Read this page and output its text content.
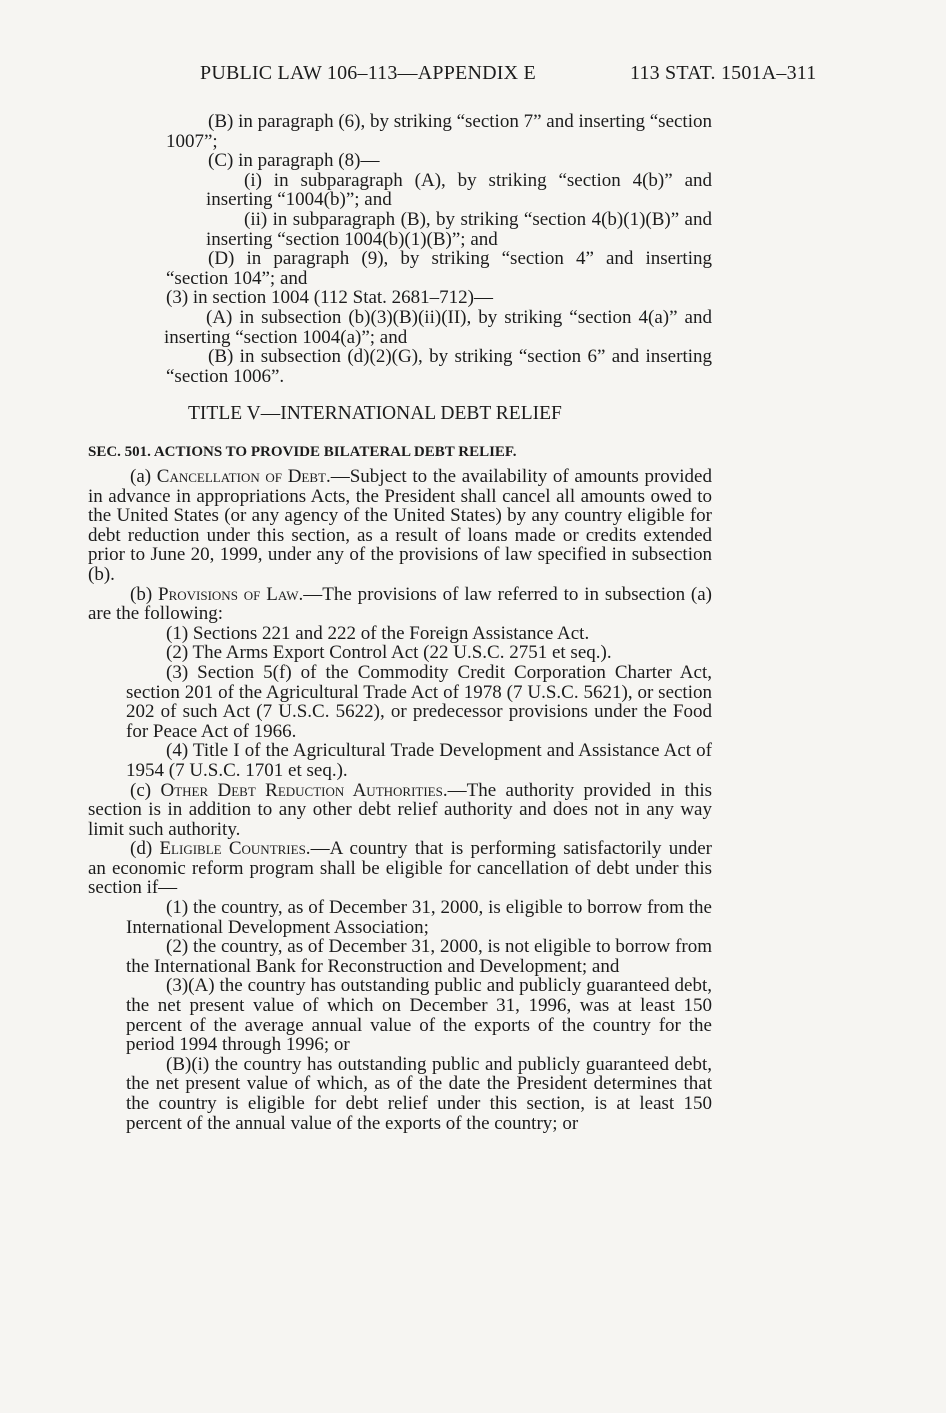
PUBLIC LAW 106–113—APPENDIX E	113 STAT. 1501A–311
(B) in paragraph (6), by striking “section 7” and inserting “section 1007”;
(C) in paragraph (8)—
(i) in subparagraph (A), by striking “section 4(b)” and inserting “1004(b)”; and
(ii) in subparagraph (B), by striking “section 4(b)(1)(B)” and inserting “section 1004(b)(1)(B)”; and
(D) in paragraph (9), by striking “section 4” and inserting “section 104”; and
(3) in section 1004 (112 Stat. 2681–712)—
(A) in subsection (b)(3)(B)(ii)(II), by striking “section 4(a)” and inserting “section 1004(a)”; and
(B) in subsection (d)(2)(G), by striking “section 6” and inserting “section 1006”.
TITLE V—INTERNATIONAL DEBT RELIEF
SEC. 501. ACTIONS TO PROVIDE BILATERAL DEBT RELIEF.
(a) Cancellation of Debt.—Subject to the availability of amounts provided in advance in appropriations Acts, the President shall cancel all amounts owed to the United States (or any agency of the United States) by any country eligible for debt reduction under this section, as a result of loans made or credits extended prior to June 20, 1999, under any of the provisions of law specified in subsection (b).
(b) Provisions of Law.—The provisions of law referred to in subsection (a) are the following:
(1) Sections 221 and 222 of the Foreign Assistance Act.
(2) The Arms Export Control Act (22 U.S.C. 2751 et seq.).
(3) Section 5(f) of the Commodity Credit Corporation Charter Act, section 201 of the Agricultural Trade Act of 1978 (7 U.S.C. 5621), or section 202 of such Act (7 U.S.C. 5622), or predecessor provisions under the Food for Peace Act of 1966.
(4) Title I of the Agricultural Trade Development and Assistance Act of 1954 (7 U.S.C. 1701 et seq.).
(c) Other Debt Reduction Authorities.—The authority provided in this section is in addition to any other debt relief authority and does not in any way limit such authority.
(d) Eligible Countries.—A country that is performing satisfactorily under an economic reform program shall be eligible for cancellation of debt under this section if—
(1) the country, as of December 31, 2000, is eligible to borrow from the International Development Association;
(2) the country, as of December 31, 2000, is not eligible to borrow from the International Bank for Reconstruction and Development; and
(3)(A) the country has outstanding public and publicly guaranteed debt, the net present value of which on December 31, 1996, was at least 150 percent of the average annual value of the exports of the country for the period 1994 through 1996; or
(B)(i) the country has outstanding public and publicly guaranteed debt, the net present value of which, as of the date the President determines that the country is eligible for debt relief under this section, is at least 150 percent of the annual value of the exports of the country; or
